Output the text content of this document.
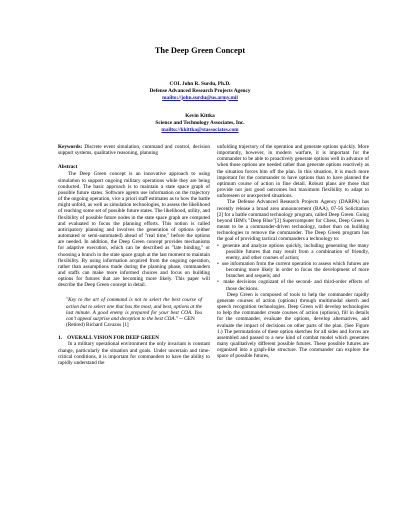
The Deep Green Concept
COL John R. Surdu, Ph.D.
Defense Advanced Research Projects Agency
mailto://john.surdu@us.army.mil
Kevin Kittka
Science and Technology Associates, Inc.
mailto://kkittka@stassociates.com

Keywords: Discrete event simulation, command and control, decision support systems, qualitative reasoning, planning

Abstract

The Deep Green concept is an innovative approach to using simulation to support ongoing military operations while they are being conducted. The basic approach is to maintain a state space graph of possible future states. Software agents use information on the trajectory of the ongoing operation, vice a priori staff estimates as to how the battle might unfold, as well as simulation technologies, to assess the likelihood of reaching some set of possible future states. The likelihood, utility, and flexibility of possible future nodes in the state space graph are computed and evaluated to focus the planning efforts. This notion is called anticipatory planning and involves the generation of options (either automated or semi-automated) ahead of "real time," before the options are needed. In addition, the Deep Green concept provides mechanisms for adaptive execution, which can be described as "late binding," or choosing a branch in the state space graph at the last moment to maintain flexibility. By using information acquired from the ongoing operation, rather than assumptions made during the planning phase, commanders and staffs can make more informed choices and focus on building options for futures that are becoming more likely. This paper will describe the Deep Green concept in detail.

"Key to the art of command is not to select the best course of action but to select one that has the most, and best, options at the last minute. A good enemy is prepared for your best COA. You can't appeal surprise and deception to the best COA." -- GEN

(Retired) Richard Cavazos [1]

1.    OVERALL VISION FOR DEEP GREEN

In a military operational environment the only invariant is constant change, particularly the situation and goals. Under uncertain and time-critical conditions, it is important for commanders to have the ability to rapidly understand the

unfolding trajectory of the operation and generate options quickly. More importantly, however, in modern warfare, it is important for the commander to be able to proactively generate options well in advance of when those options are needed rather than generate options reactively as the situation forces him off the plan. In this situation, it is much more important for the commander to have options than to have planned the optimum course of action in fine detail. Robust plans are those that provide not just good outcomes but maximum flexibility to adapt to unforeseen or unexpected situations.

The Defense Advanced Research Projects Agency (DARPA) has recently release a broad area announcement (BAA), 07-56 Solicitation [2] for a battle command technology program, called Deep Green. Going beyond IBM's "Deep Blue"[3] Supercomputer for Chess, Deep Green is meant to be a commander-driven technology, rather than on building technologies to remove the commander. The Deep Green program has the goal of providing tactical commanders a technology to:

•  generate and analyze options quickly, including generating the many possible futures that may result from a combination of friendly, enemy, and other courses of action;

•  use information from the current operation to assess which futures are becoming more likely in order to focus the development of more branches and sequels; and

•  make decisions cognizant of the second- and third-order effects of those decisions.

Deep Green is composed of tools to help the commander rapidly generate courses of action (options) through multimodal sketch and speech recognition technologies. Deep Green will develop technologies to help the commander create courses of action (options), fill in details for the commander, evaluate the options, develop alternatives, and evaluate the impact of decisions on other parts of the plan. (See Figure 1.) The permutations of these option sketches for all sides and forces are assembled and passed to a new kind of combat model which generates many qualitatively different possible futures. These possible futures are organized into a graph-like structure. The commander can explore the space of possible futures,
